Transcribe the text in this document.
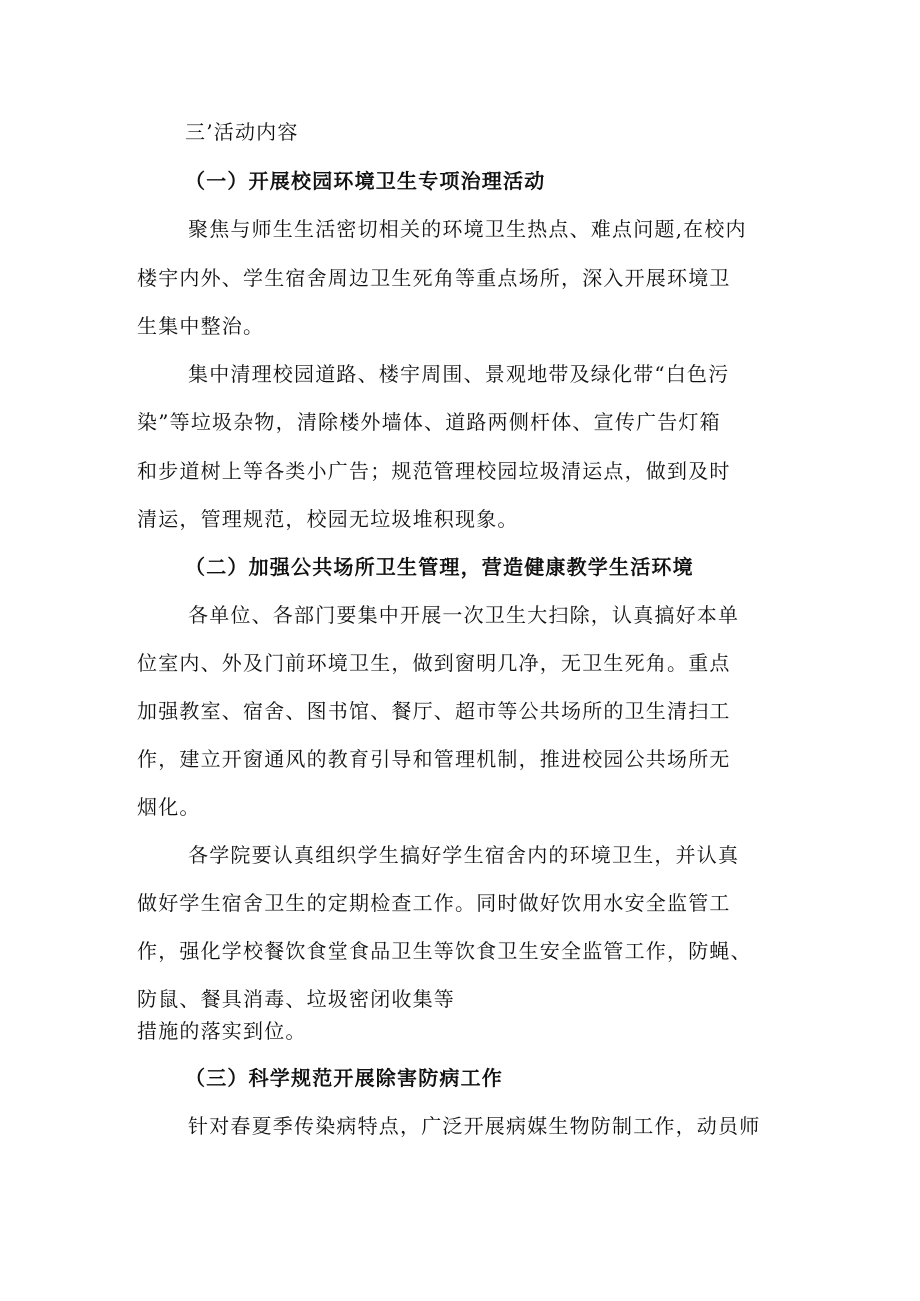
三’活动内容
（一）开展校园环境卫生专项治理活动
聚焦与师生生活密切相关的环境卫生热点、难点问题,在校内
楼宇内外、学生宿舍周边卫生死角等重点场所，深入开展环境卫
生集中整治。
集中清理校园道路、楼宇周围、景观地带及绿化带“白色污
染”等垃圾杂物，清除楼外墙体、道路两侧杆体、宣传广告灯箱
和步道树上等各类小广告；规范管理校园垃圾清运点，做到及时
清运，管理规范，校园无垃圾堆积现象。
（二）加强公共场所卫生管理，营造健康教学生活环境
各单位、各部门要集中开展一次卫生大扫除，认真搞好本单
位室内、外及门前环境卫生，做到窗明几净，无卫生死角。重点
加强教室、宿舍、图书馆、餐厅、超市等公共场所的卫生清扫工
作，建立开窗通风的教育引导和管理机制，推进校园公共场所无
烟化。
各学院要认真组织学生搞好学生宿舍内的环境卫生，并认真
做好学生宿舍卫生的定期检查工作。同时做好饮用水安全监管工
作，强化学校餐饮食堂食品卫生等饮食卫生安全监管工作，防蝇、
防鼠、餐具消毒、垃圾密闭收集等
措施的落实到位。
（三）科学规范开展除害防病工作
针对春夏季传染病特点，广泛开展病媒生物防制工作，动员师
